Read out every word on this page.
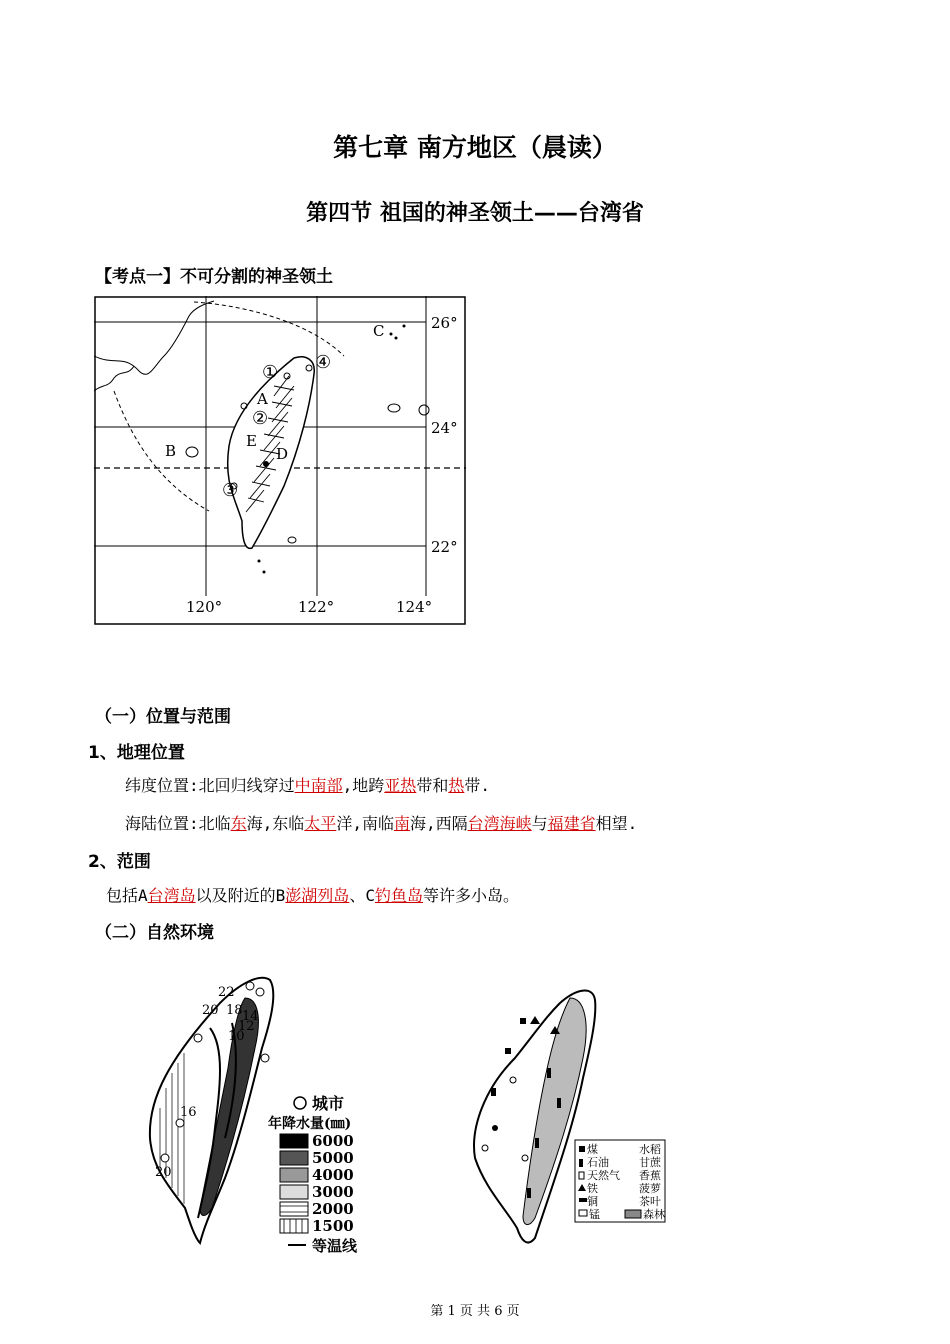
第七章 南方地区（晨读）
第四节 祖国的神圣领土——台湾省
【考点一】不可分割的神圣领土
A
B
C
D
E
①
②
③
④
26°
24°
22°
120°	122°	124°
（一）位置与范围
1、地理位置
纬度位置:北回归线穿过中南部,地跨亚热带和热带.
海陆位置:北临东海,东临太平洋,南临南海,西隔台湾海峡与福建省相望.
2、范围
包括A台湾岛以及附近的B澎湖列岛、C钓鱼岛等许多小岛。
（二）自然环境
22
20 18 14
12
10
16
20
城市
年降水量(㎜)
6000
5000
4000
3000
2000
1500
等温线
煤
石油
天然气
铁
铜
锰
水稻
甘蔗
香蕉
菠萝
茶叶
森林
第 1 页 共 6 页
